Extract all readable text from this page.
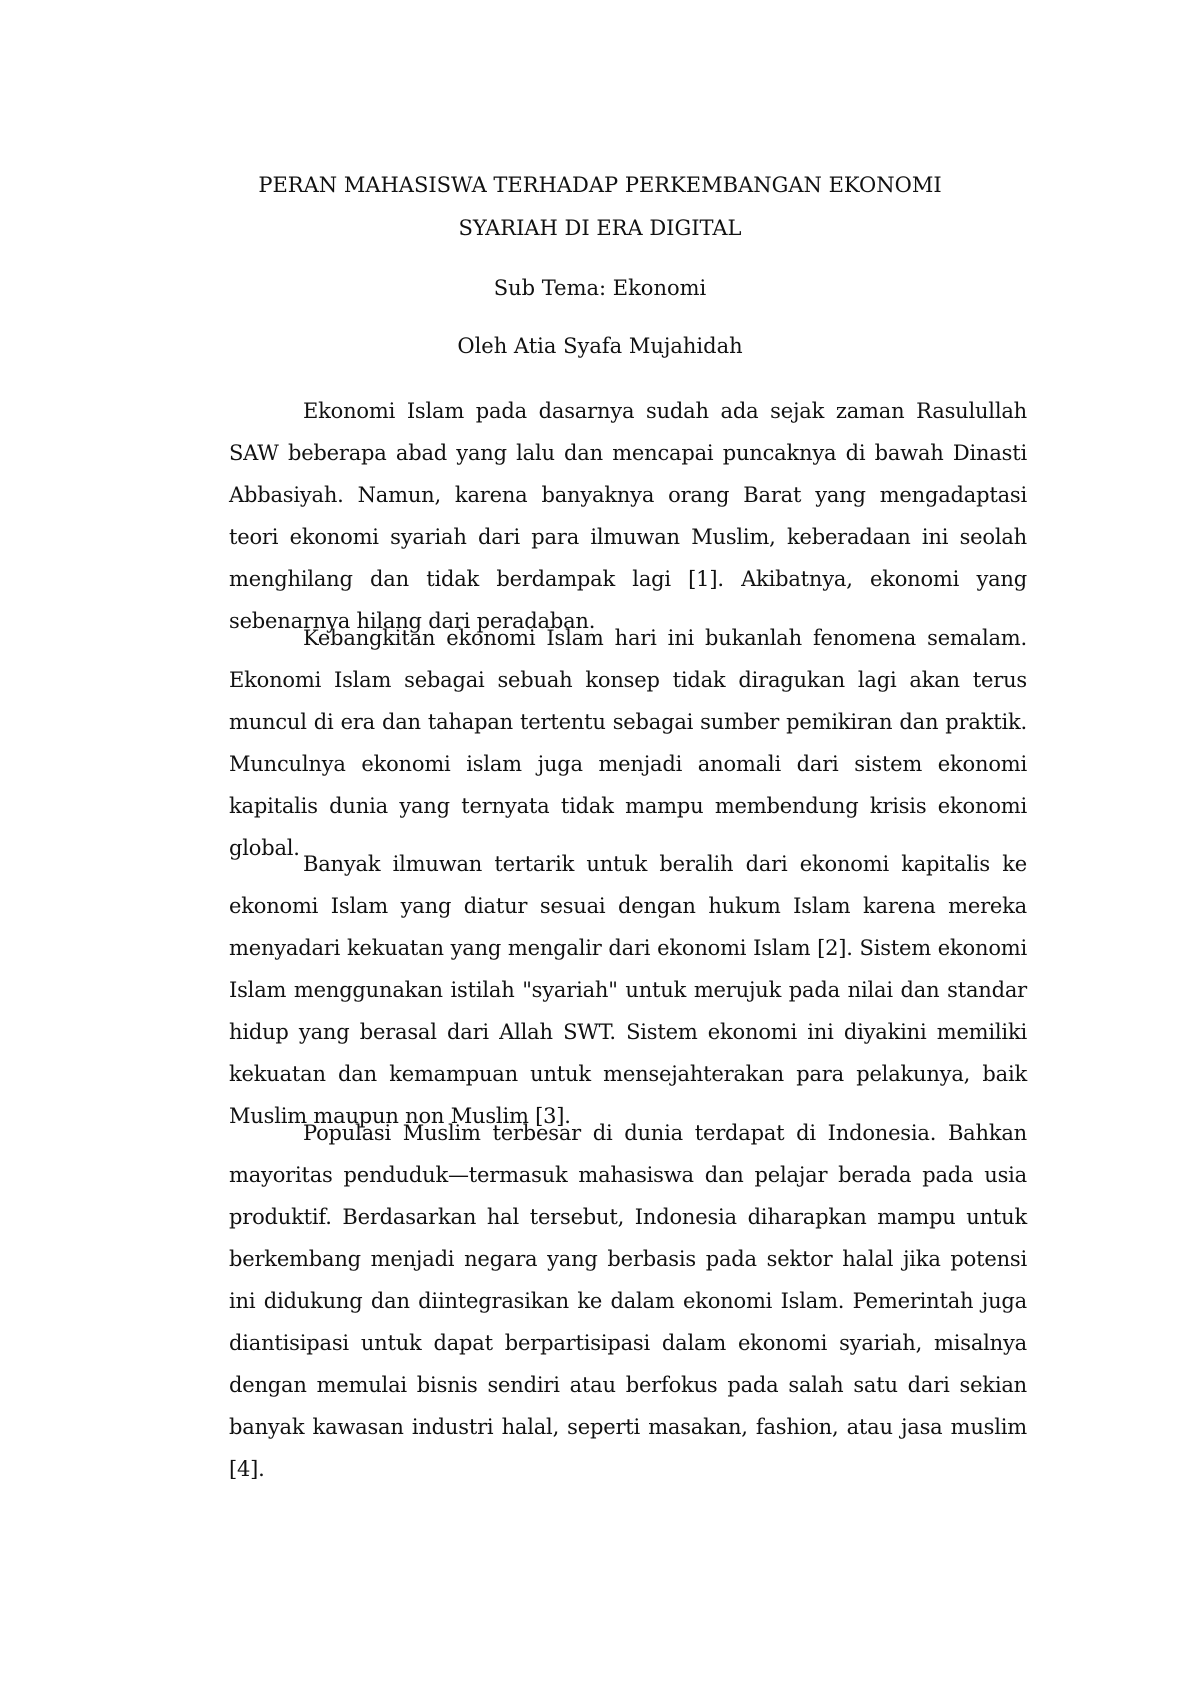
PERAN MAHASISWA TERHADAP PERKEMBANGAN EKONOMI
SYARIAH DI ERA DIGITAL

Sub Tema: Ekonomi

Oleh Atia Syafa Mujahidah

Ekonomi Islam pada dasarnya sudah ada sejak zaman Rasulullah SAW beberapa abad yang lalu dan mencapai puncaknya di bawah Dinasti Abbasiyah. Namun, karena banyaknya orang Barat yang mengadaptasi teori ekonomi syariah dari para ilmuwan Muslim, keberadaan ini seolah menghilang dan tidak berdampak lagi [1]. Akibatnya, ekonomi yang sebenarnya hilang dari peradaban.

Kebangkitan ekonomi Islam hari ini bukanlah fenomena semalam. Ekonomi Islam sebagai sebuah konsep tidak diragukan lagi akan terus muncul di era dan tahapan tertentu sebagai sumber pemikiran dan praktik. Munculnya ekonomi islam juga menjadi anomali dari sistem ekonomi kapitalis dunia yang ternyata tidak mampu membendung krisis ekonomi global.

Banyak ilmuwan tertarik untuk beralih dari ekonomi kapitalis ke ekonomi Islam yang diatur sesuai dengan hukum Islam karena mereka menyadari kekuatan yang mengalir dari ekonomi Islam [2]. Sistem ekonomi Islam menggunakan istilah "syariah" untuk merujuk pada nilai dan standar hidup yang berasal dari Allah SWT. Sistem ekonomi ini diyakini memiliki kekuatan dan kemampuan untuk mensejahterakan para pelakunya, baik Muslim maupun non Muslim [3].

Populasi Muslim terbesar di dunia terdapat di Indonesia. Bahkan mayoritas penduduk—termasuk mahasiswa dan pelajar berada pada usia produktif. Berdasarkan hal tersebut, Indonesia diharapkan mampu untuk berkembang menjadi negara yang berbasis pada sektor halal jika potensi ini didukung dan diintegrasikan ke dalam ekonomi Islam. Pemerintah juga diantisipasi untuk dapat berpartisipasi dalam ekonomi syariah, misalnya dengan memulai bisnis sendiri atau berfokus pada salah satu dari sekian banyak kawasan industri halal, seperti masakan, fashion, atau jasa muslim [4].
